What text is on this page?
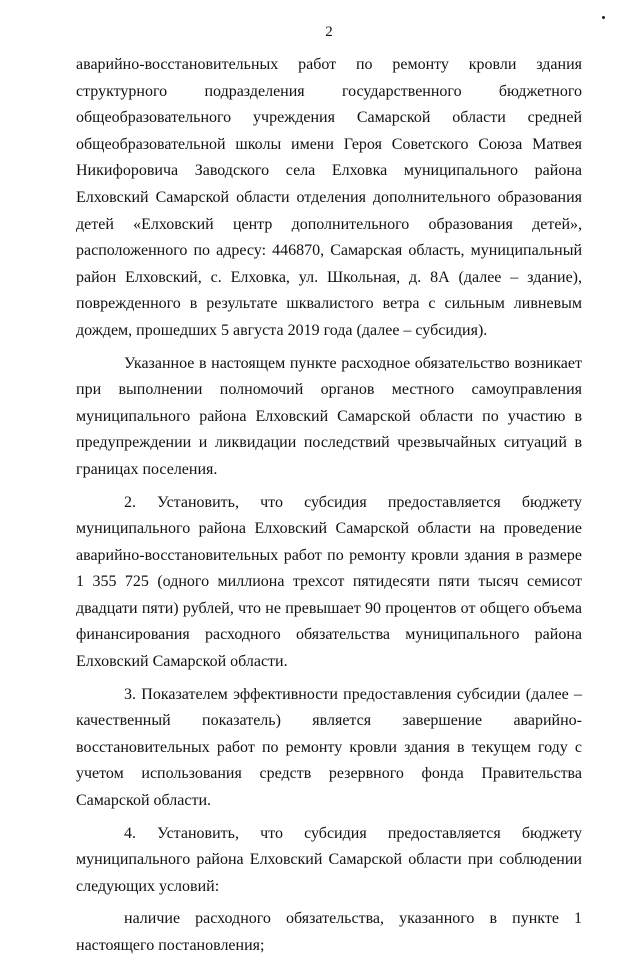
2

аварийно-восстановительных работ по ремонту кровли здания структурного подразделения государственного бюджетного общеобразовательного учреждения Самарской области средней общеобразовательной школы имени Героя Советского Союза Матвея Никифоровича Заводского села Елховка муниципального района Елховский Самарской области отделения дополнительного образования детей «Елховский центр дополнительного образования детей», расположенного по адресу: 446870, Самарская область, муниципальный район Елховский, с. Елховка, ул. Школьная, д. 8А (далее – здание), поврежденного в результате шквалистого ветра с сильным ливневым дождем, прошедших 5 августа 2019 года (далее – субсидия).

Указанное в настоящем пункте расходное обязательство возникает при выполнении полномочий органов местного самоуправления муниципального района Елховский Самарской области по участию в предупреждении и ликвидации последствий чрезвычайных ситуаций в границах поселения.

2. Установить, что субсидия предоставляется бюджету муниципального района Елховский Самарской области на проведение аварийно-восстановительных работ по ремонту кровли здания в размере 1 355 725 (одного миллиона трехсот пятидесяти пяти тысяч семисот двадцати пяти) рублей, что не превышает 90 процентов от общего объема финансирования расходного обязательства муниципального района Елховский Самарской области.

3. Показателем эффективности предоставления субсидии (далее – качественный показатель) является завершение аварийно-восстановительных работ по ремонту кровли здания в текущем году с учетом использования средств резервного фонда Правительства Самарской области.

4. Установить, что субсидия предоставляется бюджету муниципального района Елховский Самарской области при соблюдении следующих условий:

наличие расходного обязательства, указанного в пункте 1 настоящего постановления;
